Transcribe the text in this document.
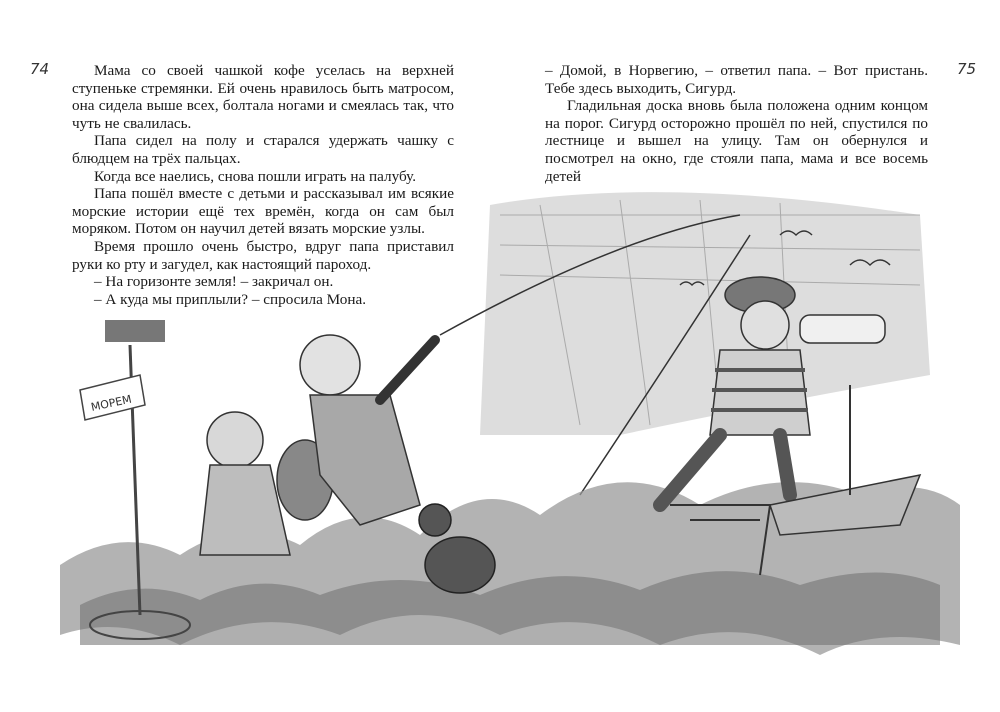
74	75

Мама со своей чашкой кофе уселась на верхней ступеньке стремянки. Ей очень нравилось быть матросом, она сидела выше всех, болтала ногами и смеялась так, что чуть не свалилась.

Папа сидел на полу и старался удержать чашку с блюдцем на трёх пальцах.

Когда все наелись, снова пошли играть на палубу.

Папа пошёл вместе с детьми и рассказывал им всякие морские истории ещё тех времён, когда он сам был моряком. Потом он научил детей вязать морские узлы.

Время прошло очень быстро, вдруг папа приставил руки ко рту и загудел, как настоящий пароход.

– На горизонте земля! – закричал он.

– А куда мы приплыли? – спросила Мона.

– Домой, в Норвегию, – ответил папа. – Вот пристань. Тебе здесь выходить, Сигурд.

Гладильная доска вновь была положена одним концом на порог. Сигурд осторожно прошёл по ней, спустился по лестнице и вышел на улицу. Там он обернулся и посмотрел на окно, где стояли папа, мама и все восемь детей

МОРЕМ
